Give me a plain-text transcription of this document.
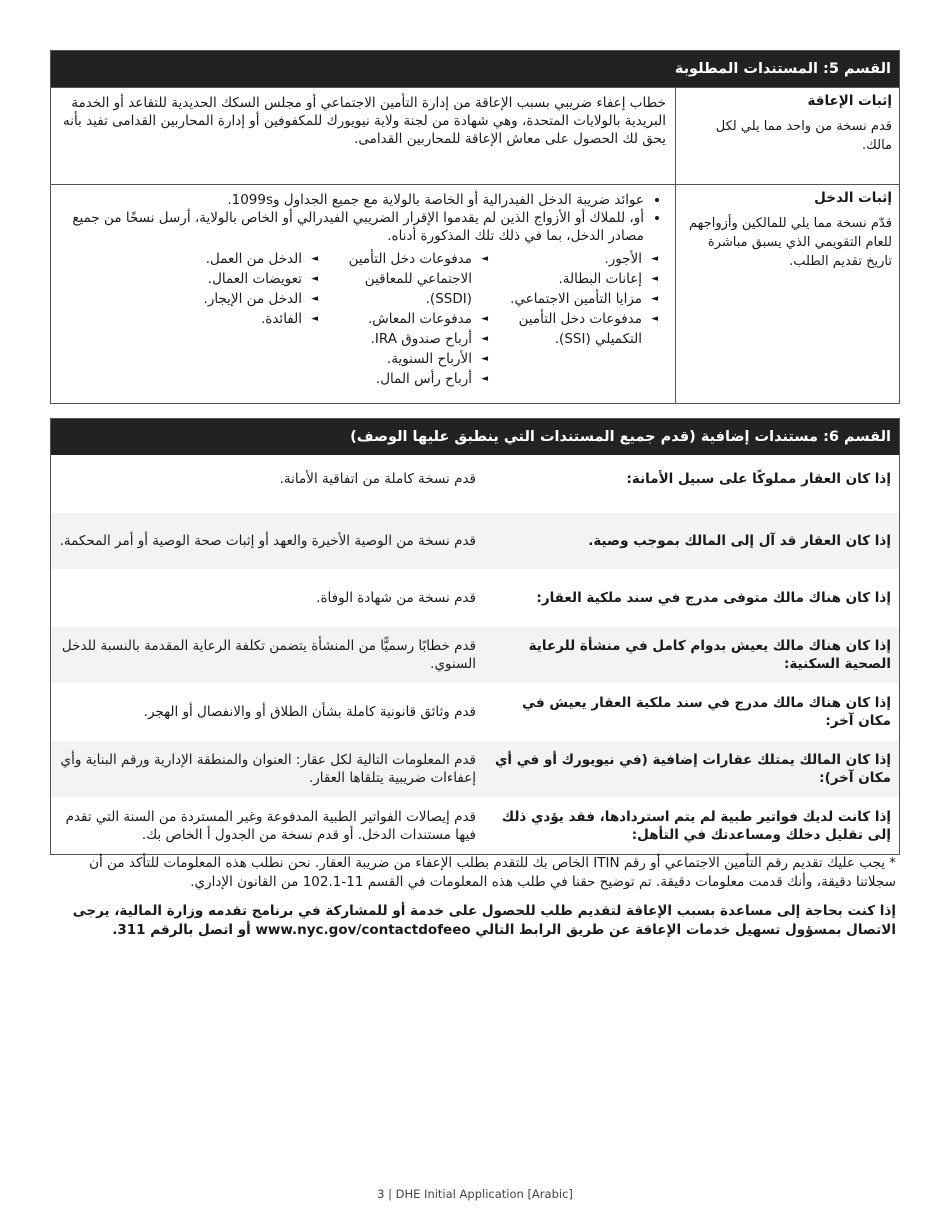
القسم 5: المستندات المطلوبة
إثبات الإعاقة
قدم نسخة من واحد مما يلي لكل مالك.
خطاب إعفاء ضريبي بسبب الإعاقة من إدارة التأمين الاجتماعي أو مجلس السكك الحديدية للتقاعد أو الخدمة البريدية بالولايات المتحدة، وهي شهادة من لجنة ولاية نيويورك للمكفوفين أو إدارة المحاربين القدامى تفيد بأنه يحق لك الحصول على معاش الإعاقة للمحاربين القدامى.
إثبات الدخل
قدّم نسخة مما يلي للمالكين وأزواجهم للعام التقويمي الذي يسبق مباشرة تاريخ تقديم الطلب.
• عوائد ضريبة الدخل الفيدرالية أو الخاصة بالولاية مع جميع الجداول و1099s.
• أو، للملاك أو الأزواج الذين لم يقدموا الإقرار الضريبي الفيدرالي أو الخاص بالولاية، أرسل نسخًا من جميع مصادر الدخل، بما في ذلك تلك المذكورة أدناه.
◄ الأجور.
◄ إعانات البطالة.
◄ مزايا التأمين الاجتماعي.
◄ مدفوعات دخل التأمين التكميلي (SSI).
◄ مدفوعات دخل التأمين الاجتماعي للمعاقين (SSDI).
◄ مدفوعات المعاش.
◄ أرباح صندوق IRA.
◄ الأرباح السنوية.
◄ أرباح رأس المال.
◄ الدخل من العمل.
◄ تعويضات العمال.
◄ الدخل من الإيجار.
◄ الفائدة.
القسم 6: مستندات إضافية (قدم جميع المستندات التي ينطبق عليها الوصف)
إذا كان العقار مملوكًا على سبيل الأمانة:
قدم نسخة كاملة من اتفاقية الأمانة.
إذا كان العقار قد آل إلى المالك بموجب وصية.
قدم نسخة من الوصية الأخيرة والعهد أو إثبات صحة الوصية أو أمر المحكمة.
إذا كان هناك مالك متوفى مدرج في سند ملكية العقار:
قدم نسخة من شهادة الوفاة.
إذا كان هناك مالك يعيش بدوام كامل في منشأة للرعاية الصحية السكنية:
قدم خطابًا رسميًّا من المنشأة يتضمن تكلفة الرعاية المقدمة بالنسبة للدخل السنوي.
إذا كان هناك مالك مدرج في سند ملكية العقار يعيش في مكان آخر:
قدم وثائق قانونية كاملة بشأن الطلاق أو والانفصال أو الهجر.
إذا كان المالك يمتلك عقارات إضافية (في نيويورك أو في أي مكان آخر):
قدم المعلومات التالية لكل عقار: العنوان والمنطقة الإدارية ورقم البناية وأي إعفاءات ضريبية يتلقاها العقار.
إذا كانت لديك فواتير طبية لم يتم استردادها، فقد يؤدي ذلك إلى تقليل دخلك ومساعدتك في التأهل:
قدم إيصالات الفواتير الطبية المدفوعة وغير المستردة من السنة التي تقدم فيها مستندات الدخل. أو قدم نسخة من الجدول أ الخاص بك.

* يجب عليك تقديم رقم التأمين الاجتماعي أو رقم ITIN الخاص بك للتقدم بطلب الإعفاء من ضريبة العقار. نحن نطلب هذه المعلومات للتأكد من أن سجلاتنا دقيقة، وأنك قدمت معلومات دقيقة. تم توضيح حقنا في طلب هذه المعلومات في القسم 11-102.1 من القانون الإداري.

إذا كنت بحاجة إلى مساعدة بسبب الإعاقة لتقديم طلب للحصول على خدمة أو للمشاركة في برنامج تقدمه وزارة المالية، يرجى الاتصال بمسؤول تسهيل خدمات الإعاقة عن طريق الرابط التالي www.nyc.gov/contactdofeeo أو اتصل بالرقم 311.

3 | DHE Initial Application [Arabic]
